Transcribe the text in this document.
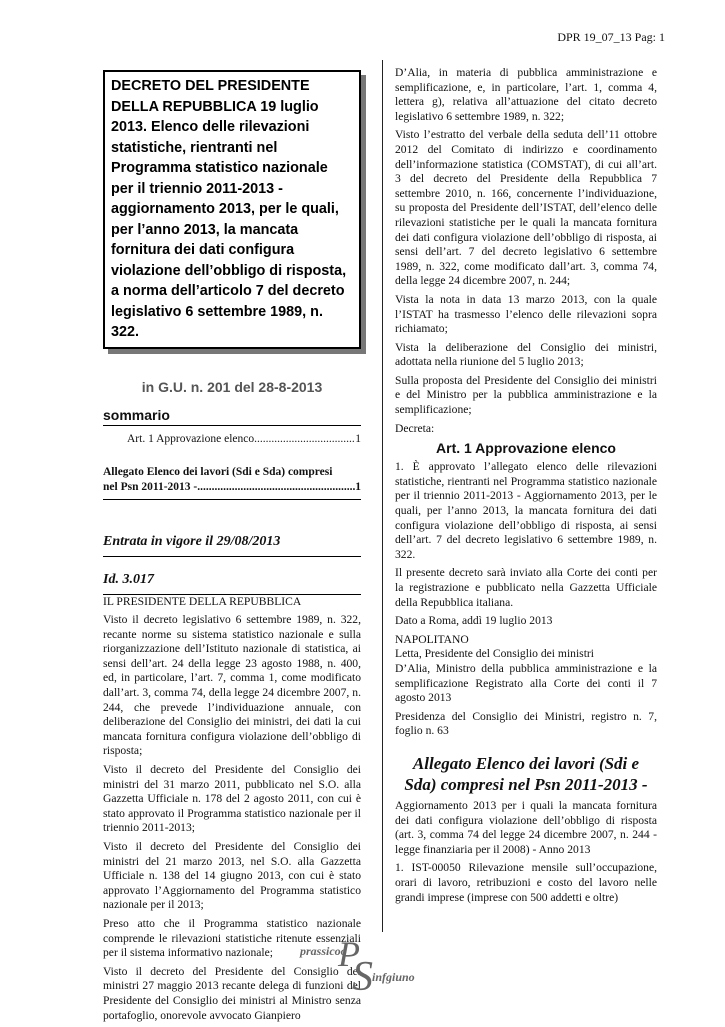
DPR 19_07_13 Pag: 1
DECRETO DEL PRESIDENTE DELLA REPUBBLICA 19 luglio 2013. Elenco delle rilevazioni statistiche, rientranti nel Programma statistico nazionale per il triennio 2011-2013 - aggiornamento 2013, per le quali, per l’anno 2013, la mancata fornitura dei dati configura violazione dell’obbligo di risposta, a norma dell’articolo 7 del decreto legislativo 6 settembre 1989, n. 322.
in G.U. n. 201 del 28-8-2013
sommario
Art. 1 Approvazione elenco .....	1
Allegato Elenco dei lavori (Sdi e Sda) compresi
nel Psn 2011-2013 - .....	1
Entrata in vigore il 29/08/2013
Id. 3.017

IL PRESIDENTE DELLA REPUBBLICA

Visto il decreto legislativo 6 settembre 1989, n. 322, recante norme su sistema statistico nazionale e sulla riorganizzazione dell’Istituto nazionale di statistica, ai sensi dell’art. 24 della legge 23 agosto 1988, n. 400, ed, in particolare, l’art. 7, comma 1, come modificato dall’art. 3, comma 74, della legge 24 dicembre 2007, n. 244, che prevede l’individuazione annuale, con deliberazione del Consiglio dei ministri, dei dati la cui mancata fornitura configura violazione dell’obbligo di risposta;

Visto il decreto del Presidente del Consiglio dei ministri del 31 marzo 2011, pubblicato nel S.O. alla Gazzetta Ufficiale n. 178 del 2 agosto 2011, con cui è stato approvato il Programma statistico nazionale per il triennio 2011-2013;

Visto il decreto del Presidente del Consiglio dei ministri del 21 marzo 2013, nel S.O. alla Gazzetta Ufficiale n. 138 del 14 giugno 2013, con cui è stato approvato l’Aggiornamento del Programma statistico nazionale per il 2013;

Preso atto che il Programma statistico nazionale comprende le rilevazioni statistiche ritenute essenziali per il sistema informativo nazionale;

Visto il decreto del Presidente del Consiglio dei ministri 27 maggio 2013 recante delega di funzioni del Presidente del Consiglio dei ministri al Ministro senza portafoglio, onorevole avvocato Gianpiero

D’Alia, in materia di pubblica amministrazione e semplificazione, e, in particolare, l’art. 1, comma 4, lettera g), relativa all’attuazione del citato decreto legislativo 6 settembre 1989, n. 322;

Visto l’estratto del verbale della seduta dell’11 ottobre 2012 del Comitato di indirizzo e coordinamento dell’informazione statistica (COMSTAT), di cui all’art. 3 del decreto del Presidente della Repubblica 7 settembre 2010, n. 166, concernente l’individuazione, su proposta del Presidente dell’ISTAT, dell’elenco delle rilevazioni statistiche per le quali la mancata fornitura dei dati configura violazione dell’obbligo di risposta, ai sensi dell’art. 7 del decreto legislativo 6 settembre 1989, n. 322, come modificato dall’art. 3, comma 74, della legge 24 dicembre 2007, n. 244;

Vista la nota in data 13 marzo 2013, con la quale l’ISTAT ha trasmesso l’elenco delle rilevazioni sopra richiamato;

Vista la deliberazione del Consiglio dei ministri, adottata nella riunione del 5 luglio 2013;

Sulla proposta del Presidente del Consiglio dei ministri e del Ministro per la pubblica amministrazione e la semplificazione;

Decreta:

Art. 1 Approvazione elenco

1. È approvato l’allegato elenco delle rilevazioni statistiche, rientranti nel Programma statistico nazionale per il triennio 2011-2013 - Aggiornamento 2013, per le quali, per l’anno 2013, la mancata fornitura dei dati configura violazione dell’obbligo di risposta, ai sensi dell’art. 7 del decreto legislativo 6 settembre 1989, n. 322.

Il presente decreto sarà inviato alla Corte dei conti per la registrazione e pubblicato nella Gazzetta Ufficiale della Repubblica italiana.

Dato a Roma, addì 19 luglio 2013

NAPOLITANO

Letta, Presidente del Consiglio dei ministri

D’Alia, Ministro della pubblica amministrazione e la semplificazione Registrato alla Corte dei conti il 7 agosto 2013

Presidenza del Consiglio dei Ministri, registro n. 7, foglio n. 63

Allegato Elenco dei lavori (Sdi e Sda) compresi nel Psn 2011-2013 -

Aggiornamento 2013 per i quali la mancata fornitura dei dati configura violazione dell’obbligo di risposta (art. 3, comma 74 del legge 24 dicembre 2007, n. 244 - legge finanziaria per il 2008) - Anno 2013

1. IST-00050 Rilevazione mensile sull’occupazione, orari di lavoro, retribuzioni e costo del lavoro nelle grandi imprese (imprese con 500 addetti e oltre)

prassicoo
P
S infgiuno
